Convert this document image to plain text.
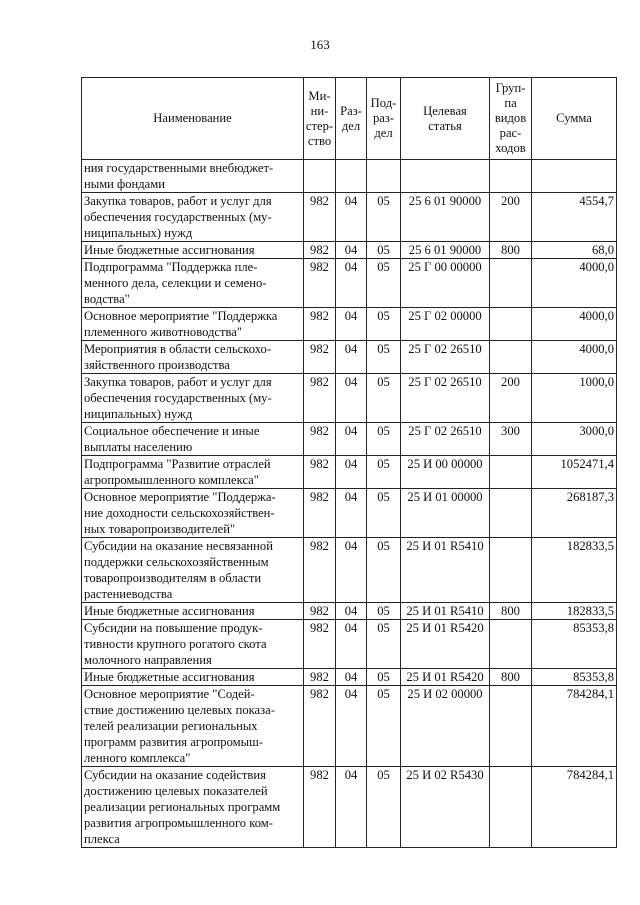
163
Наименование	Ми-
ни-
стер-
ство	Раз-
дел	Под-
раз-
дел	Целевая
статья	Груп-
па
видов
рас-
ходов	Сумма

ния государственными внебюджет-
ными фондами						

Закупка товаров, работ и услуг для
обеспечения государственных (му-
ниципальных) нужд	982	04	05	25 6 01 90000	200	4554,7

Иные бюджетные ассигнования	982	04	05	25 6 01 90000	800	68,0

Подпрограмма "Поддержка пле-
менного дела, селекции и семено-
водства"	982	04	05	25 Г 00 00000		4000,0

Основное мероприятие "Поддержка
племенного животноводства"	982	04	05	25 Г 02 00000		4000,0

Мероприятия в области сельскохо-
зяйственного производства	982	04	05	25 Г 02 26510		4000,0

Закупка товаров, работ и услуг для
обеспечения государственных (му-
ниципальных) нужд	982	04	05	25 Г 02 26510	200	1000,0

Социальное обеспечение и иные
выплаты населению	982	04	05	25 Г 02 26510	300	3000,0

Подпрограмма "Развитие отраслей
агропромышленного комплекса"	982	04	05	25 И 00 00000		1052471,4

Основное мероприятие "Поддержа-
ние доходности сельскохозяйствен-
ных товаропроизводителей"	982	04	05	25 И 01 00000		268187,3

Субсидии на оказание несвязанной
поддержки сельскохозяйственным
товаропроизводителям в области
растениеводства	982	04	05	25 И 01 R5410		182833,5

Иные бюджетные ассигнования	982	04	05	25 И 01 R5410	800	182833,5

Субсидии на повышение продук-
тивности крупного рогатого скота
молочного направления	982	04	05	25 И 01 R5420		85353,8

Иные бюджетные ассигнования	982	04	05	25 И 01 R5420	800	85353,8

Основное мероприятие "Содей-
ствие достижению целевых показа-
телей реализации региональных
программ развития агропромыш-
ленного комплекса"	982	04	05	25 И 02 00000		784284,1

Субсидии на оказание содействия
достижению целевых показателей
реализации региональных программ
развития агропромышленного ком-
плекса	982	04	05	25 И 02 R5430		784284,1
